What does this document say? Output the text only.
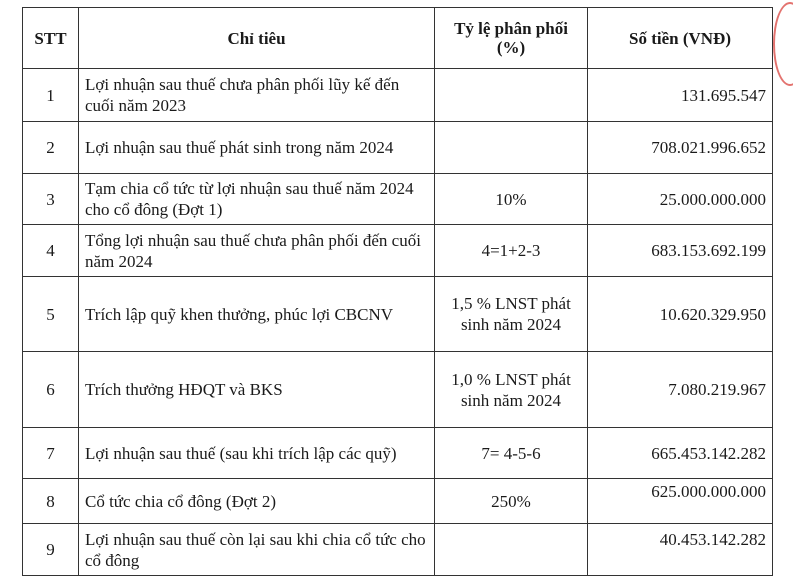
STT	Chỉ tiêu	Tỷ lệ phân phối (%)	Số tiền (VNĐ)
1	Lợi nhuận sau thuế chưa phân phối lũy kế đến cuối năm 2023		131.695.547
2	Lợi nhuận sau thuế phát sinh trong năm 2024		708.021.996.652
3	Tạm chia cổ tức từ lợi nhuận sau thuế năm 2024 cho cổ đông (Đợt 1)	10%	25.000.000.000
4	Tổng lợi nhuận sau thuế chưa phân phối đến cuối năm 2024	4=1+2-3	683.153.692.199
5	Trích lập quỹ khen thưởng, phúc lợi CBCNV	1,5 % LNST phát sinh năm 2024	10.620.329.950
6	Trích thưởng HĐQT và BKS	1,0 % LNST phát sinh năm 2024	7.080.219.967
7	Lợi nhuận sau thuế (sau khi trích lập các quỹ)	7= 4-5-6	665.453.142.282
8	Cổ tức chia cổ đông (Đợt 2)	250%	625.000.000.000
9	Lợi nhuận sau thuế còn lại sau khi chia cổ tức cho cổ đông		40.453.142.282
